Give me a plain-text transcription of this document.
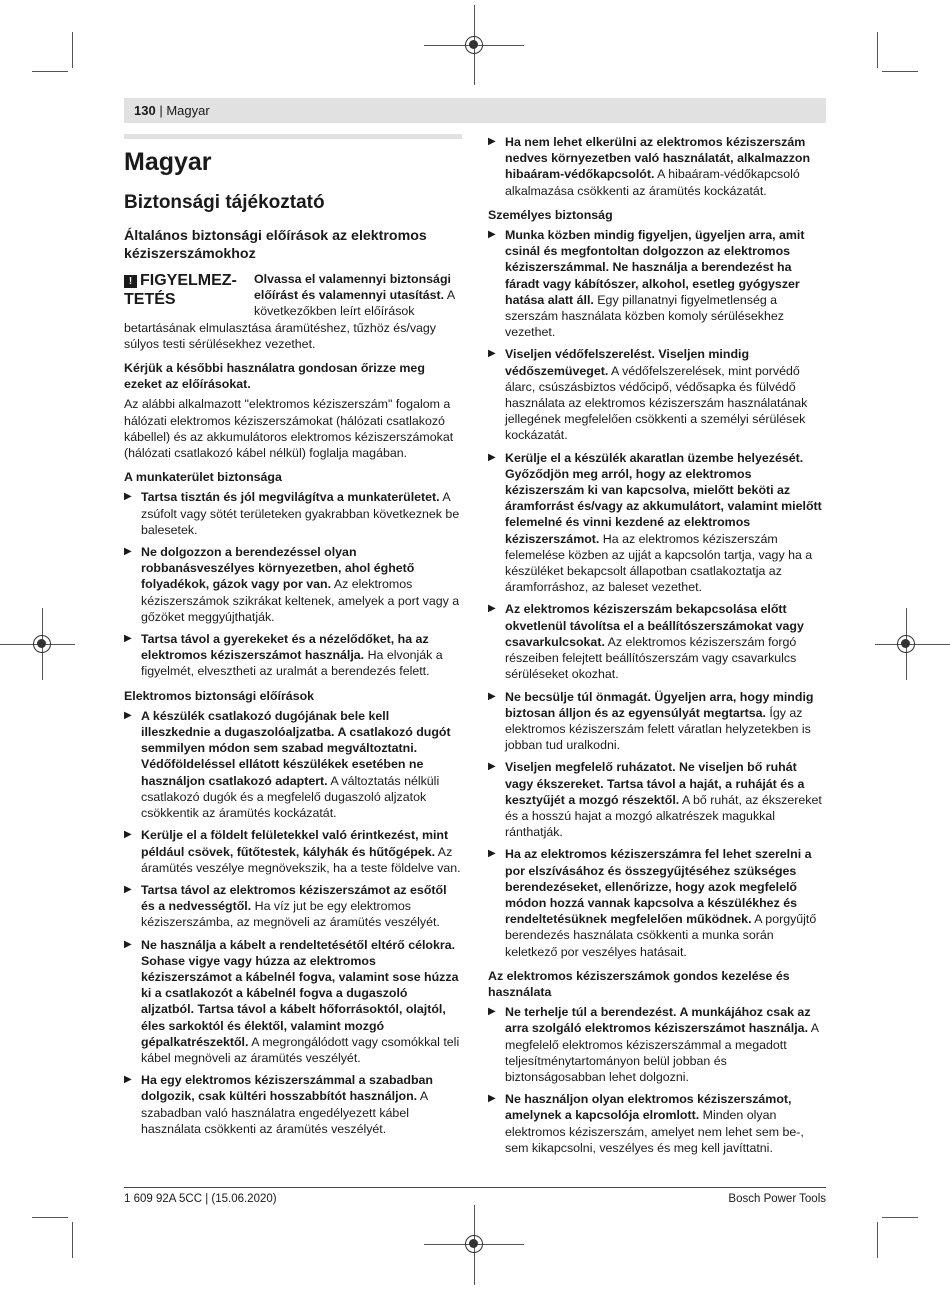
130 | Magyar
Magyar
Biztonsági tájékoztató
Általános biztonsági előírások az elektromos kéziszerszámokhoz
! FIGYELMEZ-TETÉS

Olvassa el valamennyi biztonsági előírást és valamennyi utasítást. A következőkben leírt előírások betartásának elmulasztása áramütéshez, tűzhöz és/vagy súlyos testi sérülésekhez vezethet.

Kérjük a későbbi használatra gondosan őrizze meg ezeket az előírásokat.

Az alábbi alkalmazott "elektromos kéziszerszám" fogalom a hálózati elektromos kéziszerszámokat (hálózati csatlakozó kábellel) és az akkumulátoros elektromos kéziszerszámokat (hálózati csatlakozó kábel nélkül) foglalja magában.

A munkaterület biztonsága
▶ Tartsa tisztán és jól megvilágítva a munkaterületet. A zsúfolt vagy sötét területeken gyakrabban következnek be balesetek.
▶ Ne dolgozzon a berendezéssel olyan robbanásveszélyes környezetben, ahol éghető folyadékok, gázok vagy por van. Az elektromos kéziszerszámok szikrákat keltenek, amelyek a port vagy a gőzöket meggyújthatják.
▶ Tartsa távol a gyerekeket és a nézelődőket, ha az elektromos kéziszerszámot használja. Ha elvonják a figyelmét, elvesztheti az uralmát a berendezés felett.
Elektromos biztonsági előírások
▶ A készülék csatlakozó dugójának bele kell illeszkednie a dugaszolóaljzatba. A csatlakozó dugót semmilyen módon sem szabad megváltoztatni. Védőföldeléssel ellátott készülékek esetében ne használjon csatlakozó adaptert. A változtatás nélküli csatlakozó dugók és a megfelelő dugaszoló aljzatok csökkentik az áramütés kockázatát.
▶ Kerülje el a földelt felületekkel való érintkezést, mint például csövek, fűtőtestek, kályhák és hűtőgépek. Az áramütés veszélye megnövekszik, ha a teste földelve van.
▶ Tartsa távol az elektromos kéziszerszámot az esőtől és a nedvességtől. Ha víz jut be egy elektromos kéziszerszámba, az megnöveli az áramütés veszélyét.
▶ Ne használja a kábelt a rendeltetésétől eltérő célokra. Sohase vigye vagy húzza az elektromos kéziszerszámot a kábelnél fogva, valamint sose húzza ki a csatlakozót a kábelnél fogva a dugaszoló aljzatból. Tartsa távol a kábelt hőforrásoktól, olajtól, éles sarkoktól és élektől, valamint mozgó gépalkatrészektől. A megrongálódott vagy csomókkal teli kábel megnöveli az áramütés veszélyét.
▶ Ha egy elektromos kéziszerszámmal a szabadban dolgozik, csak kültéri hosszabbítót használjon. A szabadban való használatra engedélyezett kábel használata csökkenti az áramütés veszélyét.
▶ Ha nem lehet elkerülni az elektromos kéziszerszám nedves környezetben való használatát, alkalmazzon hibaáram-védőkapcsolót. A hibaáram-védőkapcsoló alkalmazása csökkenti az áramütés kockázatát.
Személyes biztonság
▶ Munka közben mindig figyeljen, ügyeljen arra, amit csinál és megfontoltan dolgozzon az elektromos kéziszerszámmal. Ne használja a berendezést ha fáradt vagy kábítószer, alkohol, esetleg gyógyszer hatása alatt áll. Egy pillanatnyi figyelmetlenség a szerszám használata közben komoly sérülésekhez vezethet.
▶ Viseljen védőfelszerelést. Viseljen mindig védőszemüveget. A védőfelszerelések, mint porvédő álarc, csúszásbiztos védőcipő, védősapka és fülvédő használata az elektromos kéziszerszám használatának jellegének megfelelően csökkenti a személyi sérülések kockázatát.
▶ Kerülje el a készülék akaratlan üzembe helyezését. Győződjön meg arról, hogy az elektromos kéziszerszám ki van kapcsolva, mielőtt beköti az áramforrást és/vagy az akkumulátort, valamint mielőtt felemelné és vinni kezdené az elektromos kéziszerszámot. Ha az elektromos kéziszerszám felemelése közben az ujját a kapcsolón tartja, vagy ha a készüléket bekapcsolt állapotban csatlakoztatja az áramforráshoz, az baleset vezethet.
▶ Az elektromos kéziszerszám bekapcsolása előtt okvetlenül távolítsa el a beállítószerszámokat vagy csavarkulcsokat. Az elektromos kéziszerszám forgó részeiben felejtett beállítószerszám vagy csavarkulcs sérüléseket okozhat.
▶ Ne becsülje túl önmagát. Ügyeljen arra, hogy mindig biztosan álljon és az egyensúlyát megtartsa. Így az elektromos kéziszerszám felett váratlan helyzetekben is jobban tud uralkodni.
▶ Viseljen megfelelő ruházatot. Ne viseljen bő ruhát vagy ékszereket. Tartsa távol a haját, a ruháját és a kesztyűjét a mozgó részektől. A bő ruhát, az ékszereket és a hosszú hajat a mozgó alkatrészek magukkal ránthatják.
▶ Ha az elektromos kéziszerszámra fel lehet szerelni a por elszívásához és összegyűjtéséhez szükséges berendezéseket, ellenőrizze, hogy azok megfelelő módon hozzá vannak kapcsolva a készülékhez és rendeltetésüknek megfelelően működnek. A porgyűjtő berendezés használata csökkenti a munka során keletkező por veszélyes hatásait.
Az elektromos kéziszerszámok gondos kezelése és használata
▶ Ne terhelje túl a berendezést. A munkájához csak az arra szolgáló elektromos kéziszerszámot használja. A megfelelő elektromos kéziszerszámmal a megadott teljesítménytartományon belül jobban és biztonságosabban lehet dolgozni.
▶ Ne használjon olyan elektromos kéziszerszámot, amelynek a kapcsolója elromlott. Minden olyan elektromos kéziszerszám, amelyet nem lehet sem be-, sem kikapcsolni, veszélyes és meg kell javíttatni.
1 609 92A 5CC | (15.06.2020)	Bosch Power Tools
